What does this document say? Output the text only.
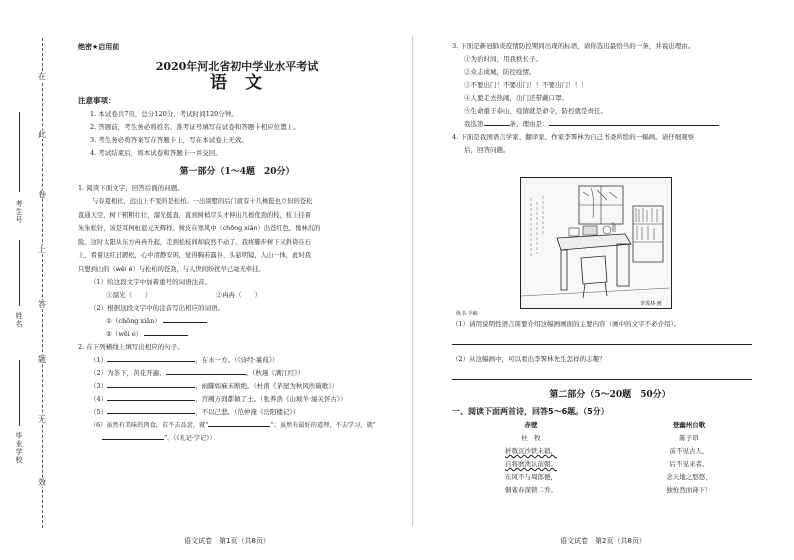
在
此
卷
上
答
题
无
效
考生号
姓名
毕业学校
绝密★启用前
2020年河北省初中学业水平考试
语文
注意事项：
1. 本试卷共7页，总分120分，考试时间120分钟。
2. 答题前，考生务必将姓名、准考证号填写在试卷和答题卡相应位置上。
3. 考生务必将答案写在答题卡上，写在本试卷上无效。
4. 考试结束后，将本试卷和答题卡一并交回。
第一部分（1～4题　20分）
1. 阅读下面文字，回答后面的问题。
与春夏相比，远山上不变的是松柏。一出别墅的后门就有十几株挺也立但的苍松
直通天空，树干粗粗壮壮，溜光挺直，直到树梢尽头才伸出几根优劲的枝，枝上挂着
朱朱松针，该是耳柯桓退元无辉样。树皮在寒风中（chōng xiān）出苍红色，像林沉的
脸。这时太阳从东方冉冉升起，走到松枝间却寂然不动了。我将脚步树下又斜倚在石
上，看着这红日踱松，心中清静安闲，觉得胸若露谷、头悬明镜，人山一体，此时我
只想到山的（wēi é）与松柏的苍劲，与人世间纷扰早已毫无牵挂。
（1）给这段文字中加着重号的词语注音。
①溜光（　　）	②冉冉（　　）
（2）根据这段文字中的注音写出相应的词语。
①（chōng xiān）
②（wēi é）
2. 在下列横线上填写出相应的句子。
（1）	，在水一方。（《诗经·蒹葭》）
（2）为茶下，黄花开遍，	。（秋瑾《满江红》）
（3）	，雨脚如麻未断绝。（杜甫《茅屋为秋风所破歌》）
（4）	，宫阙万间都做了土。（张养浩《山坡羊·潼关怀古》）
（5）	，不以己悲。（范仲淹《岳阳楼记》）
（6）虽然有美味的肉食，若不去品尝，就“	”；虽然有最好的道理，不去学习，就“
”。（《礼记·学记》）
语文试卷　第1页（共8页）
3. 下面是新冠肺炎疫情防控期间出现的标语，请你选出最恰当的一条，并说出理由。
①为治时间，用我秩长子。
②众志成城，防控疫情。
③不要出门！不要出门！！不要出门！！！
④人要走去热闹，出门还带戴口罩。
⑤生命重于泰山，疫情就是命令，防控就是责任。
我选第	条，理由是：
4. 下面是我国语言学家、翻译家、作家李霁林为自己书斋所绘的一幅画。请仔细观察
后，回答问题。
纵书·手稿
李霁林·画
（1）请用说明性语言简要介绍这幅画画面的主要内容（画中的文字不必介绍）。
（2）从这幅画中，可以看出李霁林先生怎样的志趣？
第二部分（5～20题　50分）
一、阅读下面两首诗，回答5～6题。（5分）
赤壁	登幽州台歌
杜　牧	陈子昂
折戟沉沙铁未销，	前不见古人，
自将磨洗认前朝。	后不见来者。
东风不与周郎便，	念天地之悠悠，
铜雀春深锁二乔。	独怆然而涕下！
语文试卷　第2页（共8页）
